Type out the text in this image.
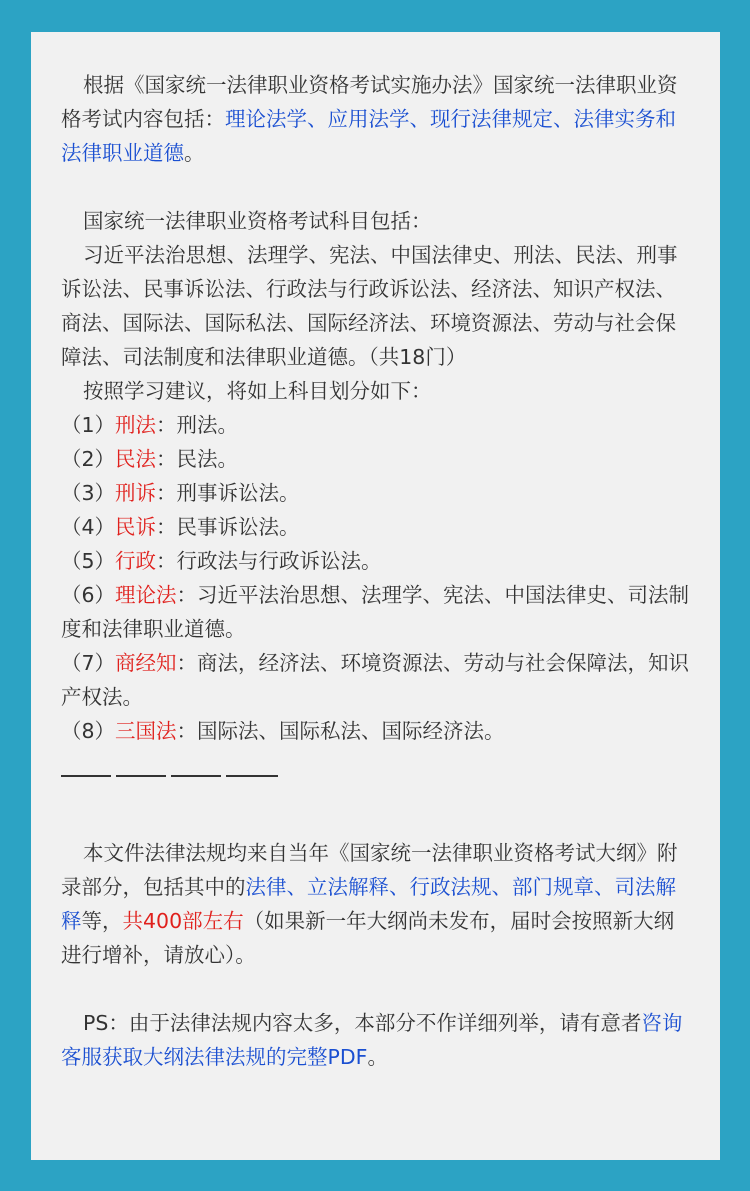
根据《国家统一法律职业资格考试实施办法》国家统一法律职业资格考试内容包括：理论法学、应用法学、现行法律规定、法律实务和法律职业道德。

国家统一法律职业资格考试科目包括：

习近平法治思想、法理学、宪法、中国法律史、刑法、民法、刑事诉讼法、民事诉讼法、行政法与行政诉讼法、经济法、知识产权法、商法、国际法、国际私法、国际经济法、环境资源法、劳动与社会保障法、司法制度和法律职业道德。（共18门）

按照学习建议，将如上科目划分如下：

（1）刑法：刑法。

（2）民法：民法。

（3）刑诉：刑事诉讼法。

（4）民诉：民事诉讼法。

（5）行政：行政法与行政诉讼法。

（6）理论法：习近平法治思想、法理学、宪法、中国法律史、司法制度和法律职业道德。

（7）商经知：商法，经济法、环境资源法、劳动与社会保障法，知识产权法。

（8）三国法：国际法、国际私法、国际经济法。

本文件法律法规均来自当年《国家统一法律职业资格考试大纲》附录部分，包括其中的法律、立法解释、行政法规、部门规章、司法解释等，共400部左右（如果新一年大纲尚未发布，届时会按照新大纲进行增补，请放心）。

PS：由于法律法规内容太多，本部分不作详细列举，请有意者咨询客服获取大纲法律法规的完整PDF。
